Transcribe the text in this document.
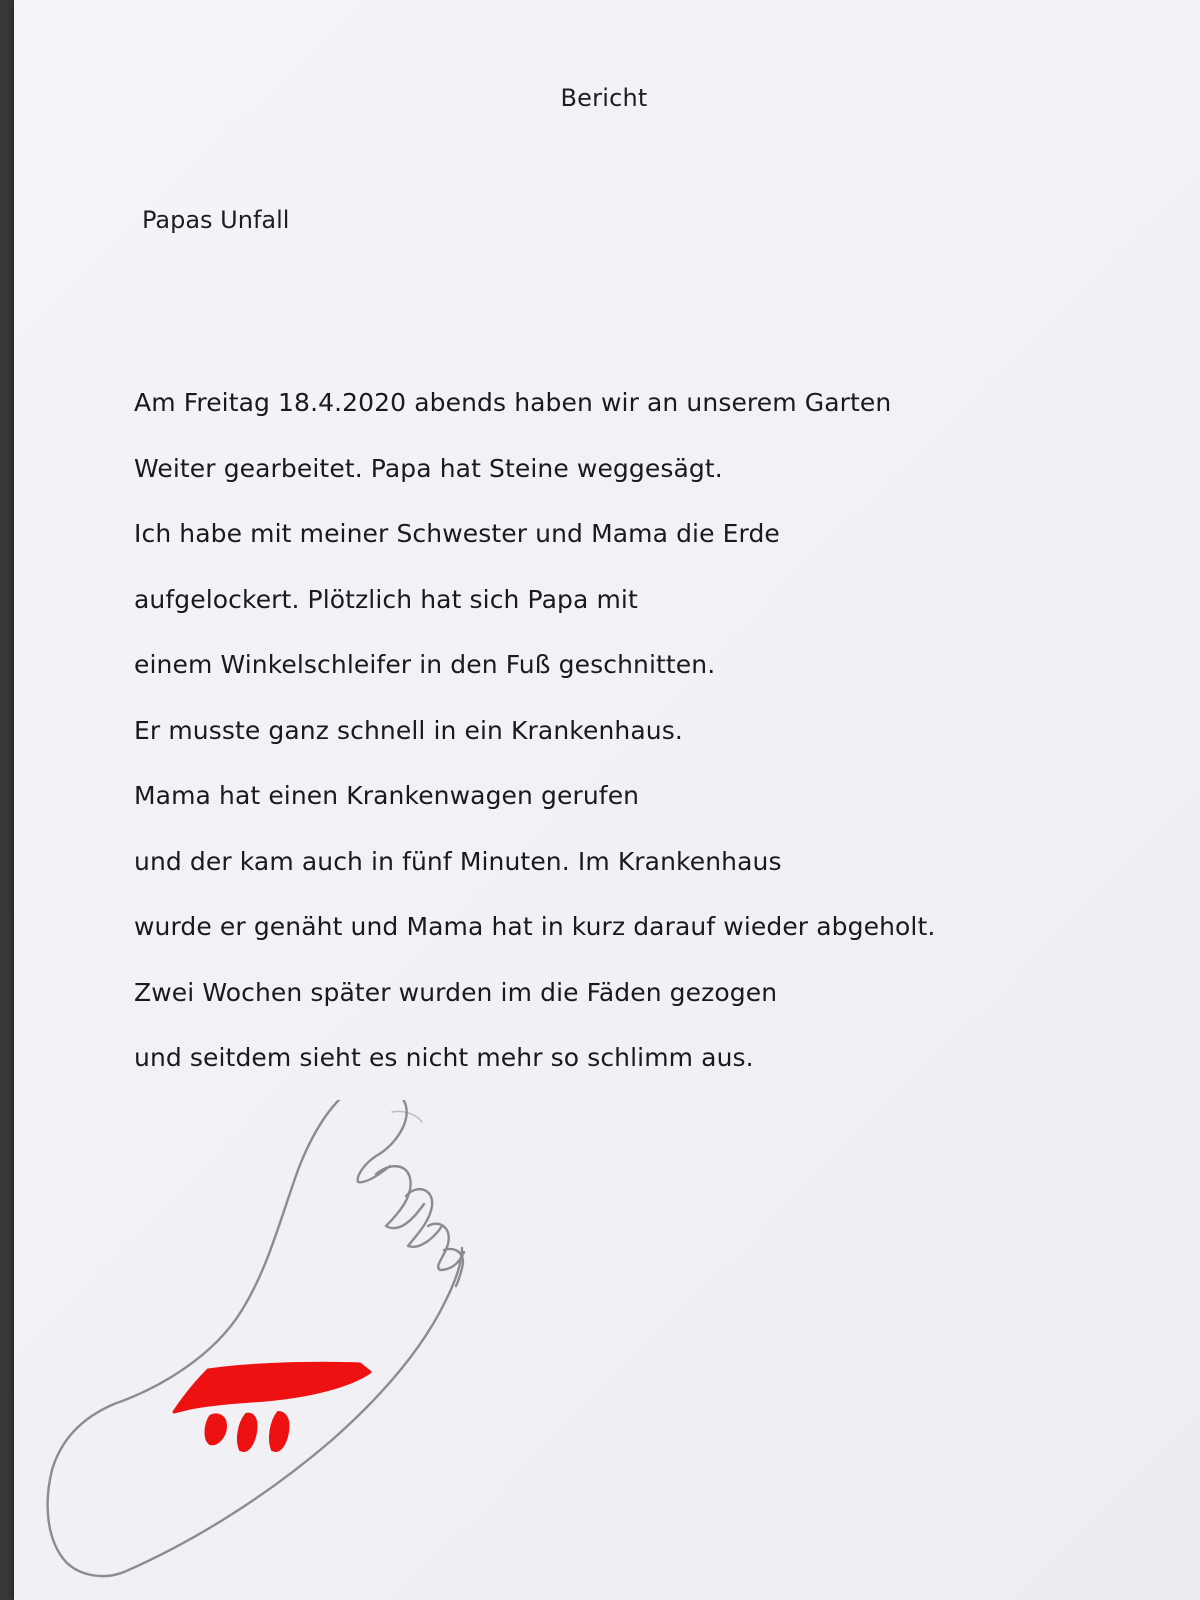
Bericht
Papas Unfall
Am Freitag 18.4.2020 abends haben wir an unserem Garten
Weiter gearbeitet. Papa hat Steine weggesägt.
Ich habe mit meiner Schwester und Mama die Erde
aufgelockert. Plötzlich hat sich Papa mit
einem Winkelschleifer in den Fuß geschnitten.
Er musste ganz schnell in ein Krankenhaus.
Mama hat einen Krankenwagen gerufen
und der kam auch in fünf Minuten. Im Krankenhaus
wurde er genäht und Mama hat in kurz darauf wieder abgeholt.
Zwei Wochen später wurden im die Fäden gezogen
und seitdem sieht es nicht mehr so schlimm aus.
